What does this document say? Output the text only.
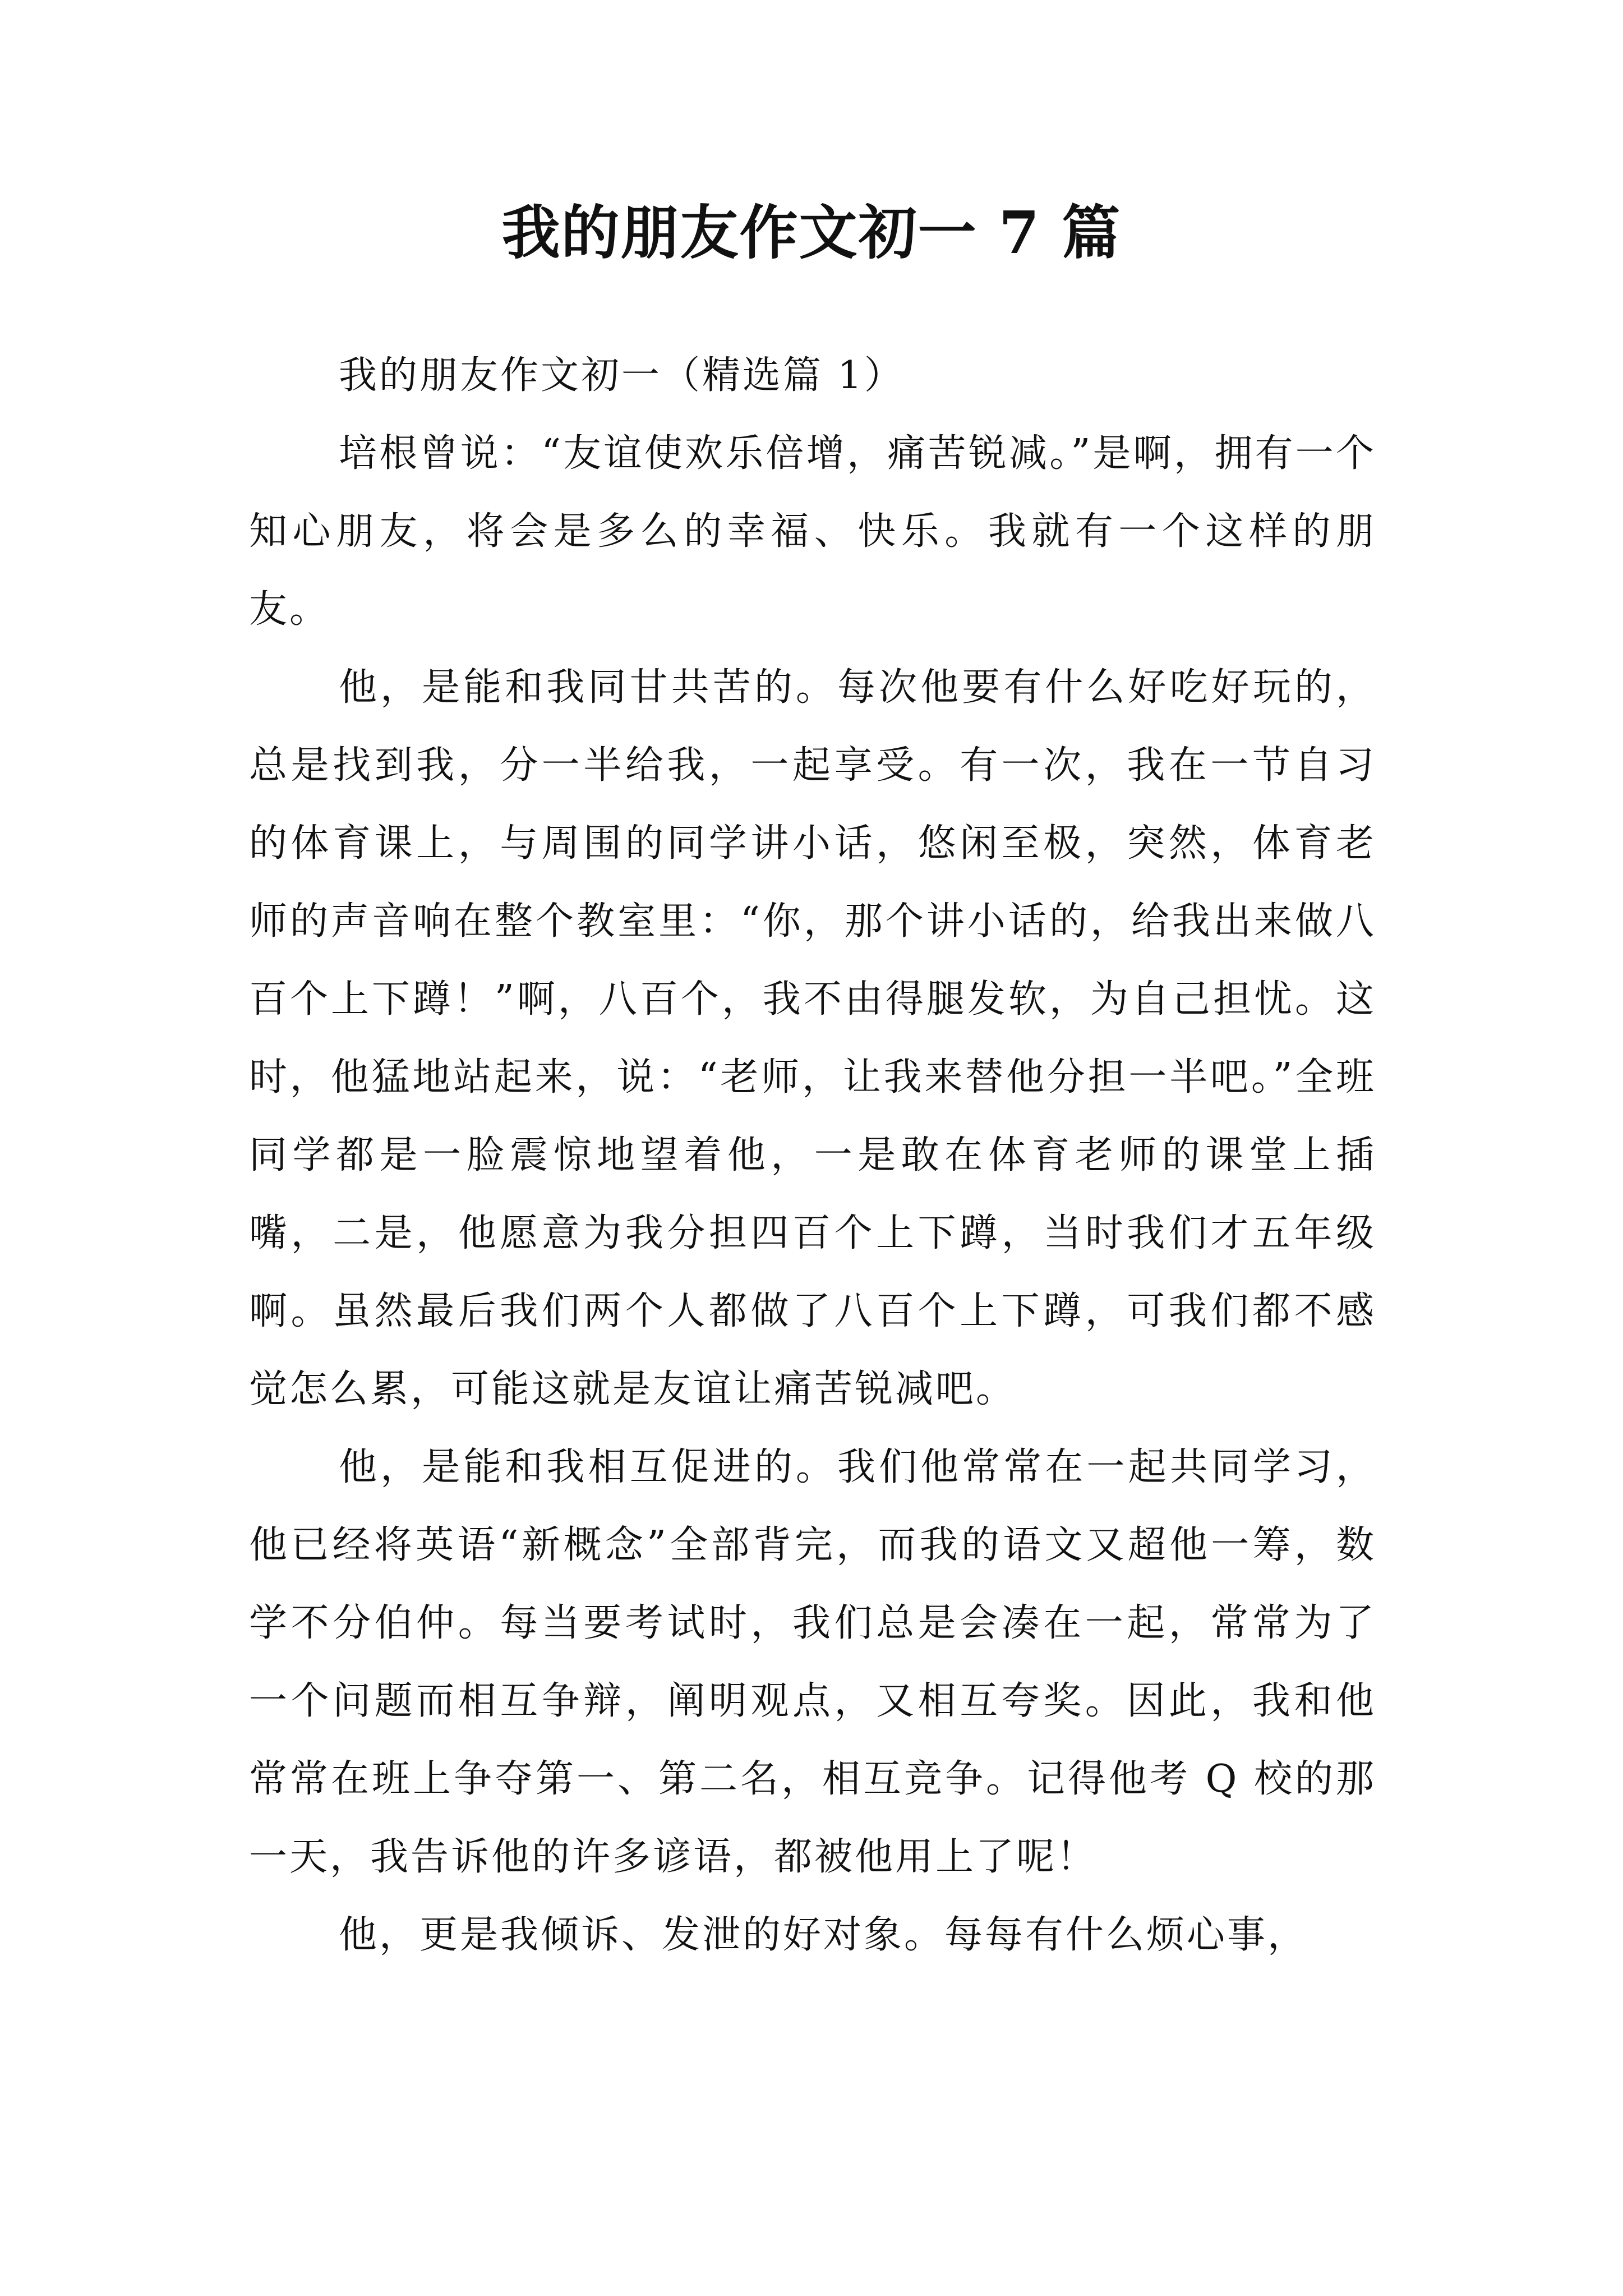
我的朋友作文初一 7 篇

我的朋友作文初一（精选篇 1）

培根曾说：“友谊使欢乐倍增，痛苦锐减。”是啊，拥有一个知心朋友，将会是多么的幸福、快乐。我就有一个这样的朋友。

他，是能和我同甘共苦的。每次他要有什么好吃好玩的，总是找到我，分一半给我，一起享受。有一次，我在一节自习的体育课上，与周围的同学讲小话，悠闲至极，突然，体育老师的声音响在整个教室里：“你，那个讲小话的，给我出来做八百个上下蹲！”啊，八百个，我不由得腿发软，为自己担忧。这时，他猛地站起来，说：“老师，让我来替他分担一半吧。”全班同学都是一脸震惊地望着他，一是敢在体育老师的课堂上插嘴，二是，他愿意为我分担四百个上下蹲，当时我们才五年级啊。虽然最后我们两个人都做了八百个上下蹲，可我们都不感觉怎么累，可能这就是友谊让痛苦锐减吧。

他，是能和我相互促进的。我们他常常在一起共同学习，他已经将英语“新概念”全部背完，而我的语文又超他一筹，数学不分伯仲。每当要考试时，我们总是会凑在一起，常常为了一个问题而相互争辩，阐明观点，又相互夸奖。因此，我和他常常在班上争夺第一、第二名，相互竞争。记得他考 Q 校的那一天，我告诉他的许多谚语，都被他用上了呢！

他，更是我倾诉、发泄的好对象。每每有什么烦心事，
